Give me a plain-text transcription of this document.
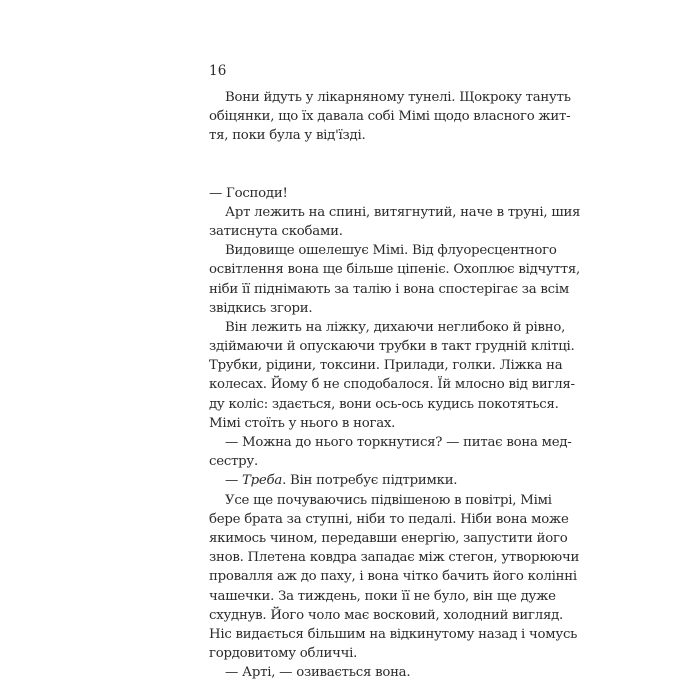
16
Вони йдуть у лікарняному тунелі. Щокроку тануть
обіцянки, що їх давала собі Мімі щодо власного жит-
тя, поки була у від'їзді.
— Господи!
Арт лежить на спині, витягнутий, наче в труні, шия
затиснута скобами.
Видовище ошелешує Мімі. Від флуоресцентного
освітлення вона ще більше ціпеніє. Охоплює відчуття,
ніби її піднімають за талію і вона спостерігає за всім
звідкись згори.
Він лежить на ліжку, дихаючи неглибоко й рівно,
здіймаючи й опускаючи трубки в такт грудній клітці.
Трубки, рідини, токсини. Прилади, голки. Ліжка на
колесах. Йому б не сподобалося. Їй млосно від вигля-
ду коліс: здається, вони ось-ось кудись покотяться.
Мімі стоїть у нього в ногах.
— Можна до нього торкнутися? — питає вона мед-
сестру.
— Треба. Він потребує підтримки.
Усе ще почуваючись підвішеною в повітрі, Мімі
бере брата за ступні, ніби то педалі. Ніби вона може
якимось чином, передавши енергію, запустити його
знов. Плетена ковдра западає між стегон, утворюючи
провалля аж до паху, і вона чітко бачить його колінні
чашечки. За тиждень, поки її не було, він ще дуже
схуднув. Його чоло має восковий, холодний вигляд.
Ніс видається більшим на відкинутому назад і чомусь
гордовитому обличчі.
— Арті, — озивається вона.
